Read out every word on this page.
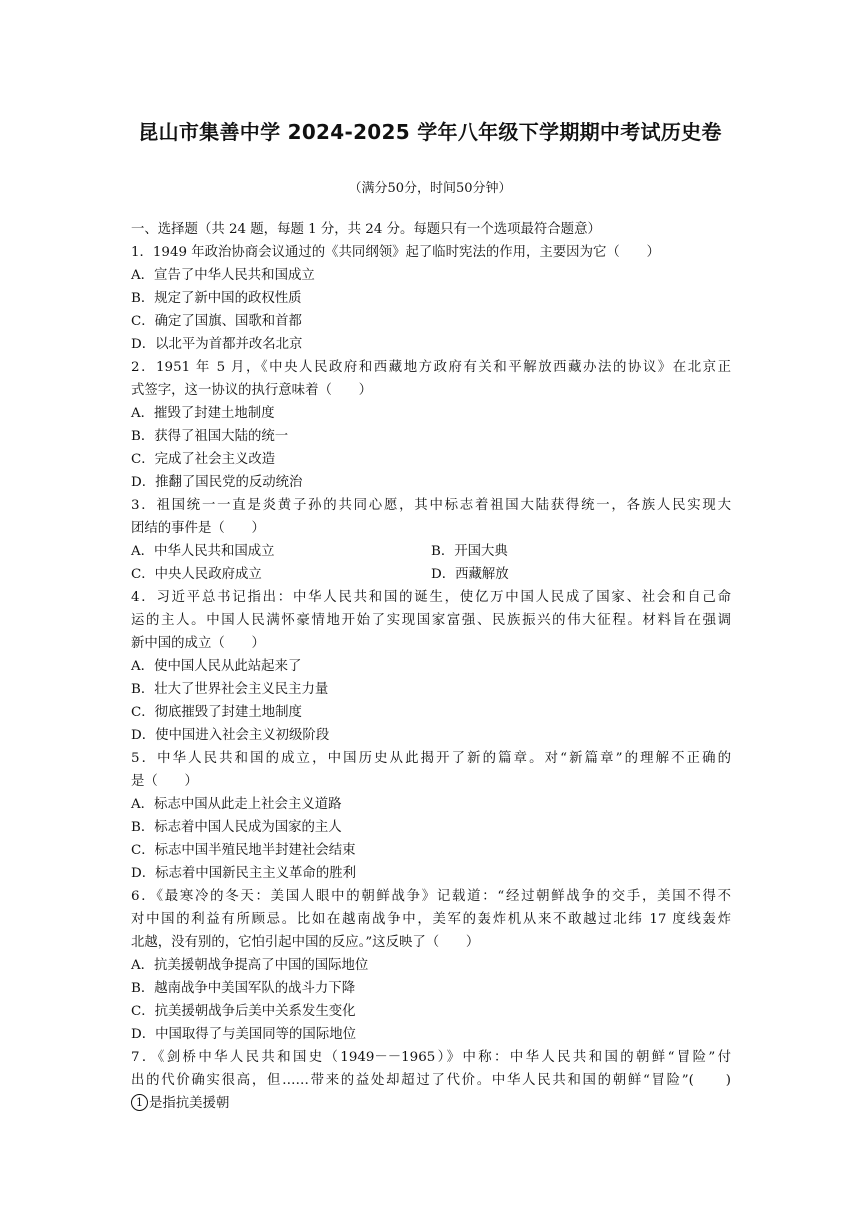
昆山市集善中学 2024-2025 学年八年级下学期期中考试历史卷
（满分50分，时间50分钟）
一、选择题（共 24 题，每题 1 分，共 24 分。每题只有一个选项最符合题意）
1．1949 年政治协商会议通过的《共同纲领》起了临时宪法的作用，主要因为它（　　）
A．宣告了中华人民共和国成立
B．规定了新中国的政权性质
C．确定了国旗、国歌和首都
D．以北平为首都并改名北京
2．1951 年 5 月，《中央人民政府和西藏地方政府有关和平解放西藏办法的协议》在北京正
式签字，这一协议的执行意味着（　　）
A．摧毁了封建土地制度
B．获得了祖国大陆的统一
C．完成了社会主义改造
D．推翻了国民党的反动统治
3．祖国统一一直是炎黄子孙的共同心愿，其中标志着祖国大陆获得统一，各族人民实现大
团结的事件是（　　）
A．中华人民共和国成立	B．开国大典
C．中央人民政府成立	D．西藏解放
4．习近平总书记指出：中华人民共和国的诞生，使亿万中国人民成了国家、社会和自己命
运的主人。中国人民满怀豪情地开始了实现国家富强、民族振兴的伟大征程。材料旨在强调
新中国的成立（　　）
A．使中国人民从此站起来了
B．壮大了世界社会主义民主力量
C．彻底摧毁了封建土地制度
D．使中国进入社会主义初级阶段
5．中华人民共和国的成立，中国历史从此揭开了新的篇章。对“新篇章”的理解不正确的
是（　　）
A．标志中国从此走上社会主义道路
B．标志着中国人民成为国家的主人
C．标志中国半殖民地半封建社会结束
D．标志着中国新民主主义革命的胜利
6．《最寒冷的冬天：美国人眼中的朝鲜战争》记载道：“经过朝鲜战争的交手，美国不得不
对中国的利益有所顾忌。比如在越南战争中，美军的轰炸机从来不敢越过北纬 17 度线轰炸
北越，没有别的，它怕引起中国的反应。”这反映了（　　）
A．抗美援朝战争提高了中国的国际地位
B．越南战争中美国军队的战斗力下降
C．抗美援朝战争后美中关系发生变化
D．中国取得了与美国同等的国际地位
7．《剑桥中华人民共和国史（1949－－1965）》中称：中华人民共和国的朝鲜“冒险”付
出的代价确实很高，但……带来的益处却超过了代价。中华人民共和国的朝鲜“冒险”(　　)
1 是指抗美援朝
